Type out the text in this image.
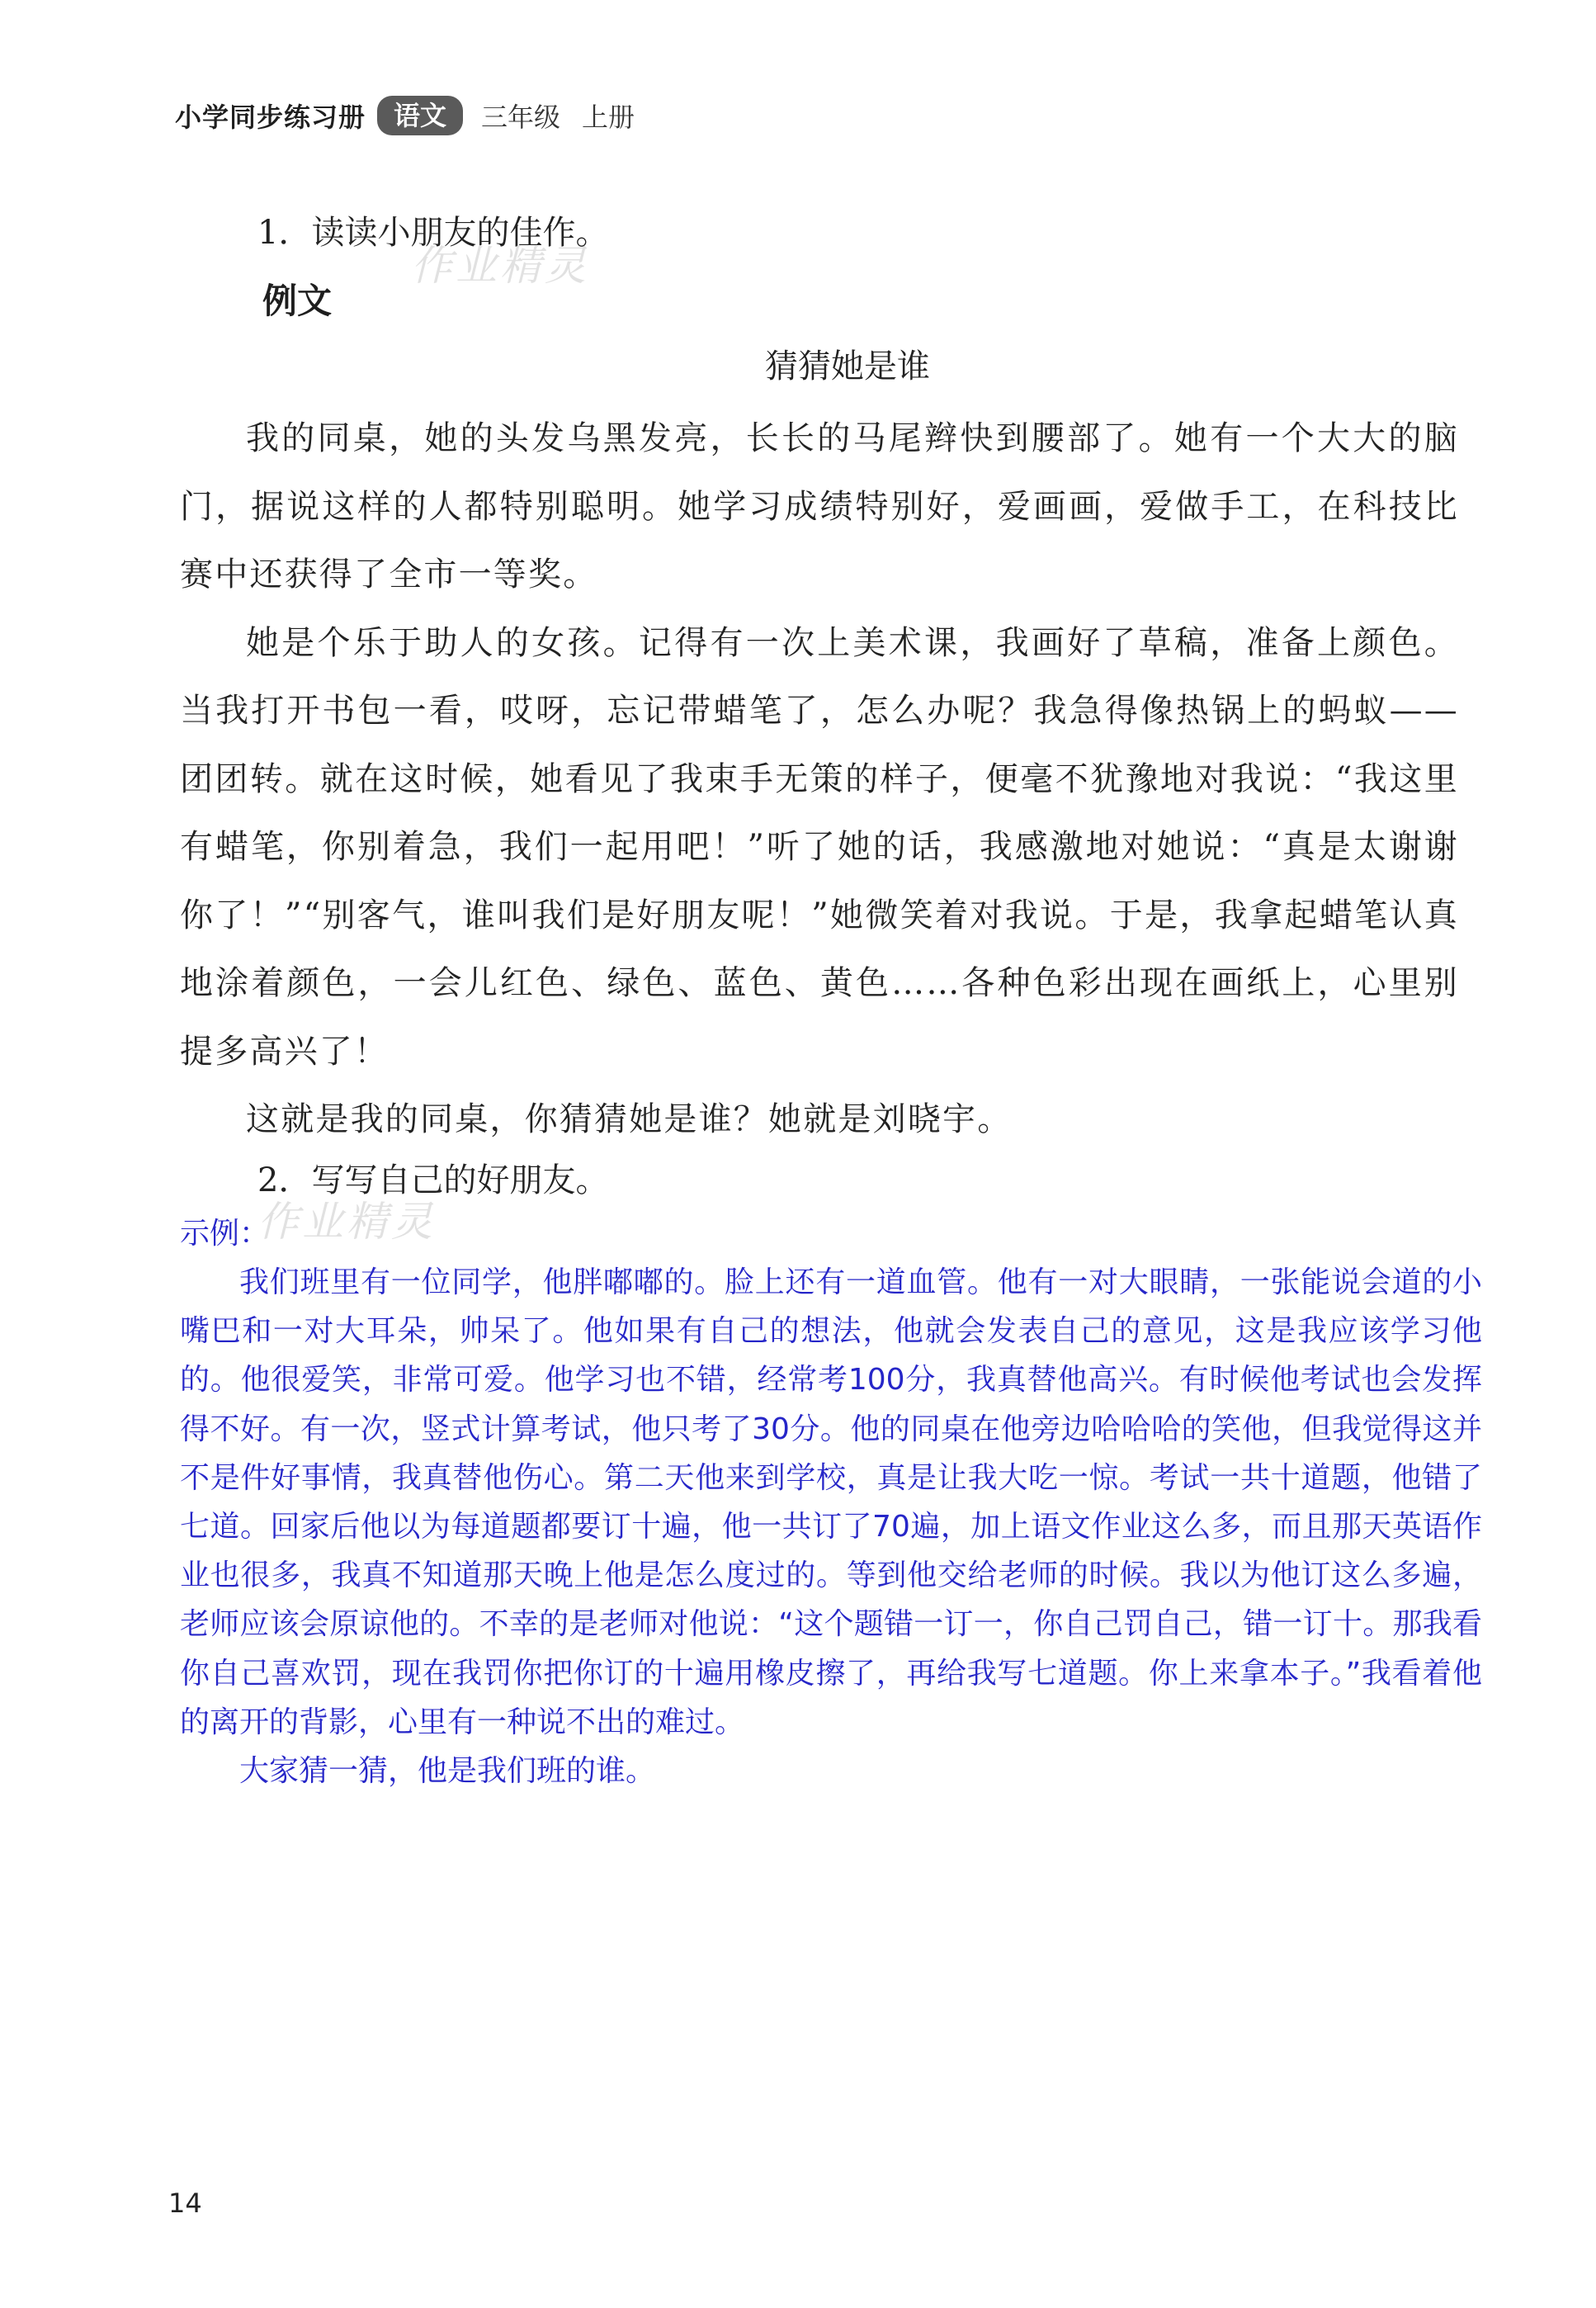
小学同步练习册	语文	三年级 上册
1．读读小朋友的佳作。
作业精灵
例文
猜猜她是谁

我的同桌，她的头发乌黑发亮，长长的马尾辫快到腰部了。她有一个大大的脑门，据说这样的人都特别聪明。她学习成绩特别好，爱画画，爱做手工，在科技比赛中还获得了全市一等奖。

她是个乐于助人的女孩。记得有一次上美术课，我画好了草稿，准备上颜色。当我打开书包一看，哎呀，忘记带蜡笔了，怎么办呢？我急得像热锅上的蚂蚁——团团转。就在这时候，她看见了我束手无策的样子，便毫不犹豫地对我说：“我这里有蜡笔，你别着急，我们一起用吧！”听了她的话，我感激地对她说：“真是太谢谢你了！”“别客气，谁叫我们是好朋友呢！”她微笑着对我说。于是，我拿起蜡笔认真地涂着颜色，一会儿红色、绿色、蓝色、黄色……各种色彩出现在画纸上，心里别提多高兴了！

这就是我的同桌，你猜猜她是谁？她就是刘晓宇。

2．写写自己的好朋友。
作业精灵
示例：

我们班里有一位同学，他胖嘟嘟的。脸上还有一道血管。他有一对大眼睛，一张能说会道的小嘴巴和一对大耳朵，帅呆了。他如果有自己的想法，他就会发表自己的意见，这是我应该学习他的。他很爱笑，非常可爱。他学习也不错，经常考100分，我真替他高兴。有时候他考试也会发挥得不好。有一次，竖式计算考试，他只考了30分。他的同桌在他旁边哈哈哈的笑他，但我觉得这并不是件好事情，我真替他伤心。第二天他来到学校，真是让我大吃一惊。考试一共十道题，他错了七道。回家后他以为每道题都要订十遍，他一共订了70遍，加上语文作业这么多，而且那天英语作业也很多，我真不知道那天晚上他是怎么度过的。等到他交给老师的时候。我以为他订这么多遍，老师应该会原谅他的。不幸的是老师对他说：“这个题错一订一，你自己罚自己，错一订十。那我看你自己喜欢罚，现在我罚你把你订的十遍用橡皮擦了，再给我写七道题。你上来拿本子。”我看着他的离开的背影，心里有一种说不出的难过。

大家猜一猜，他是我们班的谁。

14
